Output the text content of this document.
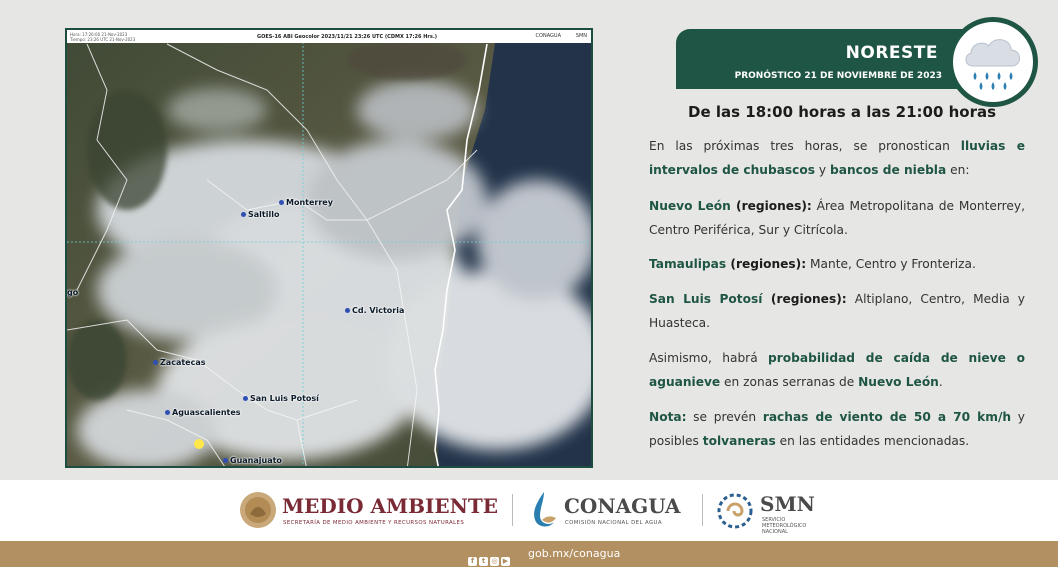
Hora: 17:26:00 21-Nov-2023
Tiempo: 23:26 UTC 21-Nov-2023	GOES-16 ABI Geocolor 2023/11/21 23:26 UTC (CDMX 17:26 Hrs.)	CONAGUA	SMN
Monterrey
Saltillo
Cd. Victoria
Zacatecas
San Luis Potosí
Aguascalientes
Guanajuato
go
NORESTE
PRONÓSTICO 21 DE NOVIEMBRE DE 2023
De las 18:00 horas a las 21:00 horas
En las próximas tres horas, se pronostican lluvias e intervalos de chubascos y bancos de niebla en:
Nuevo León (regiones): Área Metropolitana de Monterrey, Centro Periférica, Sur y Citrícola.
Tamaulipas (regiones): Mante, Centro y Fronteriza.
San Luis Potosí (regiones): Altiplano, Centro, Media y Huasteca.
Asimismo, habrá probabilidad de caída de nieve o aguanieve en zonas serranas de Nuevo León.
Nota: se prevén rachas de viento de 50 a 70 km/h y posibles tolvaneras en las entidades mencionadas.
MEDIO AMBIENTE
SECRETARÍA DE MEDIO AMBIENTE Y RECURSOS NATURALES
CONAGUA
COMISIÓN NACIONAL DEL AGUA
SMN
SERVICIO
METEOROLÓGICO
NACIONAL
f t ◎ ▶
gob.mx/conagua
